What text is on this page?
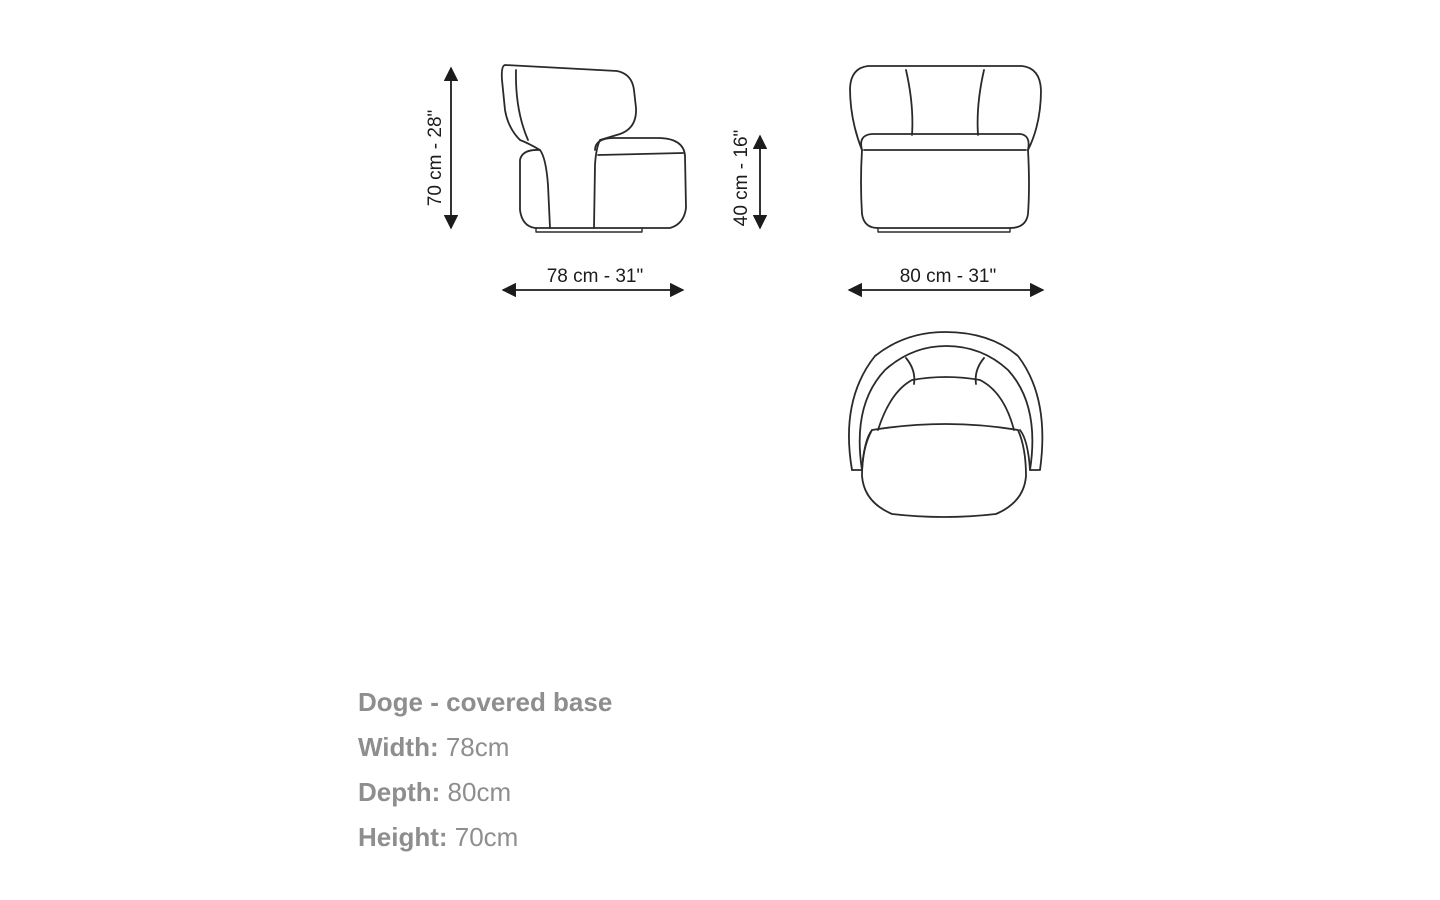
70 cm - 28"
78 cm - 31"
40 cm - 16"
80 cm - 31"
Doge - covered base
Width: 78cm
Depth: 80cm
Height: 70cm
